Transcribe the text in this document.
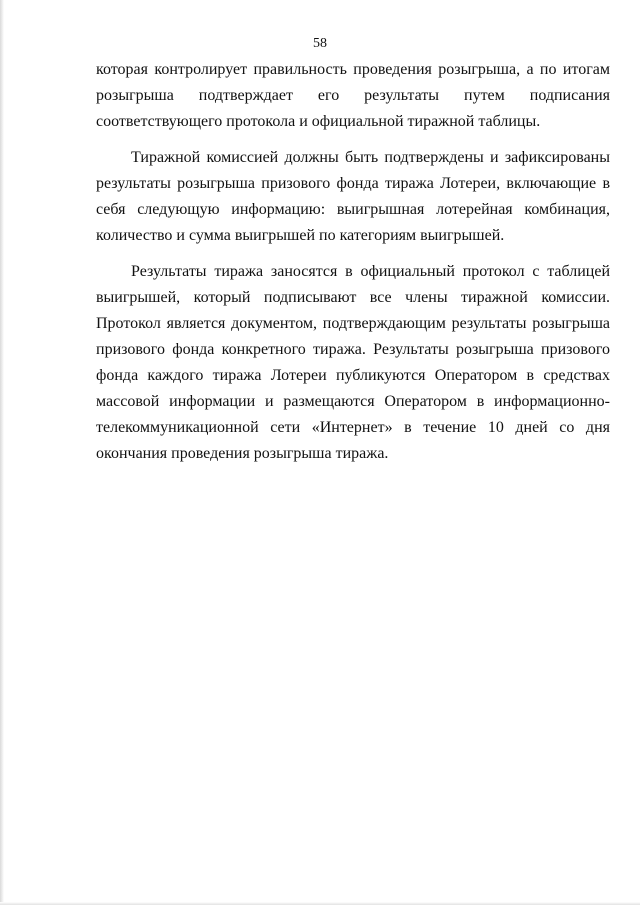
58

которая контролирует правильность проведения розыгрыша, а по итогам розыгрыша подтверждает его результаты путем подписания соответствующего протокола и официальной тиражной таблицы.

Тиражной комиссией должны быть подтверждены и зафиксированы результаты розыгрыша призового фонда тиража Лотереи, включающие в себя следующую информацию: выигрышная лотерейная комбинация, количество и сумма выигрышей по категориям выигрышей.

Результаты тиража заносятся в официальный протокол с таблицей выигрышей, который подписывают все члены тиражной комиссии. Протокол является документом, подтверждающим результаты розыгрыша призового фонда конкретного тиража. Результаты розыгрыша призового фонда каждого тиража Лотереи публикуются Оператором в средствах массовой информации и размещаются Оператором в информационно-телекоммуникационной сети «Интернет» в течение 10 дней со дня окончания проведения розыгрыша тиража.
